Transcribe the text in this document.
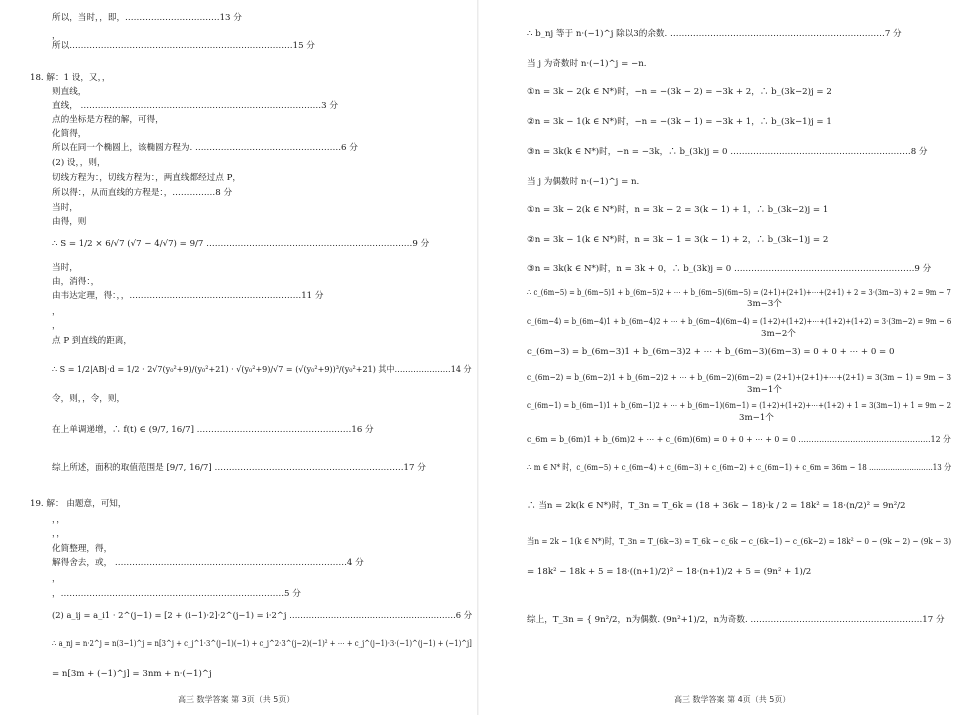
所以，当时，，即，……………………………13 分
，
所以……………………………………………………………………15 分
18. 解：1 设，又，，
则直线，
直线， …………………………………………………………………………3 分
点的坐标是方程的解，可得，
化简得，
所以在同一个椭圆上，该椭圆方程为. ……………………………………………6 分
(2) 设，，则，
切线方程为：，切线方程为：，两直线都经过点 P，
所以得：，从而直线的方程是：，……………8 分
当时，
由得，则
∴ S = 1/2 × 6/√7 (√7 − 4/√7) = 9/7 ………………………………………………………………9 分
当时，
由，消得：，
由韦达定理，得：，，……………………………………………………11 分
，
，
点 P 到直线的距离，
∴ S = 1/2|AB|·d = 1/2 · 2√7(y₀²+9)/(y₀²+21) · √(y₀²+9)/√7 = (√(y₀²+9))³/(y₀²+21) 其中…………………14 分
令，则，，令，则，
在上单调递增，∴ f(t) ∈ (9/7, 16/7] ………………………………………………16 分
综上所述，面积的取值范围是 [9/7, 16/7] …………………………………………………………17 分
19. 解： 由题意，可知，
，，
，，
化简整理，得，
解得舍去，或， ………………………………………………………………………4 分
，
，……………………………………………………………………5 分
(2) a_ij = a_i1 · 2^(j−1) = [2 + (i−1)·2]·2^(j−1) = i·2^j ……………………………………………………6 分
∴ a_nj = n·2^j = n(3−1)^j = n[3^j + c_j^1·3^(j−1)(−1) + c_j^2·3^(j−2)(−1)² + ⋯ + c_j^(j−1)·3·(−1)^(j−1) + (−1)^j]
= n[3m + (−1)^j] = 3nm + n·(−1)^j
高三 数学答案 第 3页（共 5页）
∴ b_nj 等于 n·(−1)^j 除以3的余数. …………………………………………………………………7 分
当 j 为奇数时 n·(−1)^j = −n.
①n = 3k − 2(k ∈ N*)时，−n = −(3k − 2) = −3k + 2，∴ b_(3k−2)j = 2
②n = 3k − 1(k ∈ N*)时，−n = −(3k − 1) = −3k + 1，∴ b_(3k−1)j = 1
③n = 3k(k ∈ N*)时，−n = −3k，∴ b_(3k)j = 0 ………………………………………………………8 分
当 j 为偶数时 n·(−1)^j = n.
①n = 3k − 2(k ∈ N*)时，n = 3k − 2 = 3(k − 1) + 1，∴ b_(3k−2)j = 1
②n = 3k − 1(k ∈ N*)时，n = 3k − 1 = 3(k − 1) + 2，∴ b_(3k−1)j = 2
③n = 3k(k ∈ N*)时，n = 3k + 0，∴ b_(3k)j = 0 ………………………………………………………9 分
∴ c_(6m−5) = b_(6m−5)1 + b_(6m−5)2 + ⋯ + b_(6m−5)(6m−5) = (2+1)+(2+1)+⋯+(2+1) + 2 = 3·(3m−3) + 2 = 9m − 7
3m−3个
c_(6m−4) = b_(6m−4)1 + b_(6m−4)2 + ⋯ + b_(6m−4)(6m−4) = (1+2)+(1+2)+⋯+(1+2)+(1+2) = 3·(3m−2) = 9m − 6
3m−2个
c_(6m−3) = b_(6m−3)1 + b_(6m−3)2 + ⋯ + b_(6m−3)(6m−3) = 0 + 0 + ⋯ + 0 = 0
c_(6m−2) = b_(6m−2)1 + b_(6m−2)2 + ⋯ + b_(6m−2)(6m−2) = (2+1)+(2+1)+⋯+(2+1) = 3(3m − 1) = 9m − 3
3m−1个
c_(6m−1) = b_(6m−1)1 + b_(6m−1)2 + ⋯ + b_(6m−1)(6m−1) = (1+2)+(1+2)+⋯+(1+2) + 1 = 3(3m−1) + 1 = 9m − 2
3m−1个
c_6m = b_(6m)1 + b_(6m)2 + ⋯ + c_(6m)(6m) = 0 + 0 + ⋯ + 0 = 0 ……………………………………………12 分
∴ m ∈ N* 时，c_(6m−5) + c_(6m−4) + c_(6m−3) + c_(6m−2) + c_(6m−1) + c_6m = 36m − 18 ………………………13 分
∴ 当n = 2k(k ∈ N*)时，T_3n = T_6k = (18 + 36k − 18)·k / 2 = 18k² = 18·(n/2)² = 9n²/2
当n = 2k − 1(k ∈ N*)时，T_3n = T_(6k−3) = T_6k − c_6k − c_(6k−1) − c_(6k−2) = 18k² − 0 − (9k − 2) − (9k − 3)
= 18k² − 18k + 5 = 18·((n+1)/2)² − 18·(n+1)/2 + 5 = (9n² + 1)/2
综上，T_3n = { 9n²/2，n为偶数. (9n²+1)/2，n为奇数. ……………………………………………………17 分
高三 数学答案 第 4页（共 5页）
